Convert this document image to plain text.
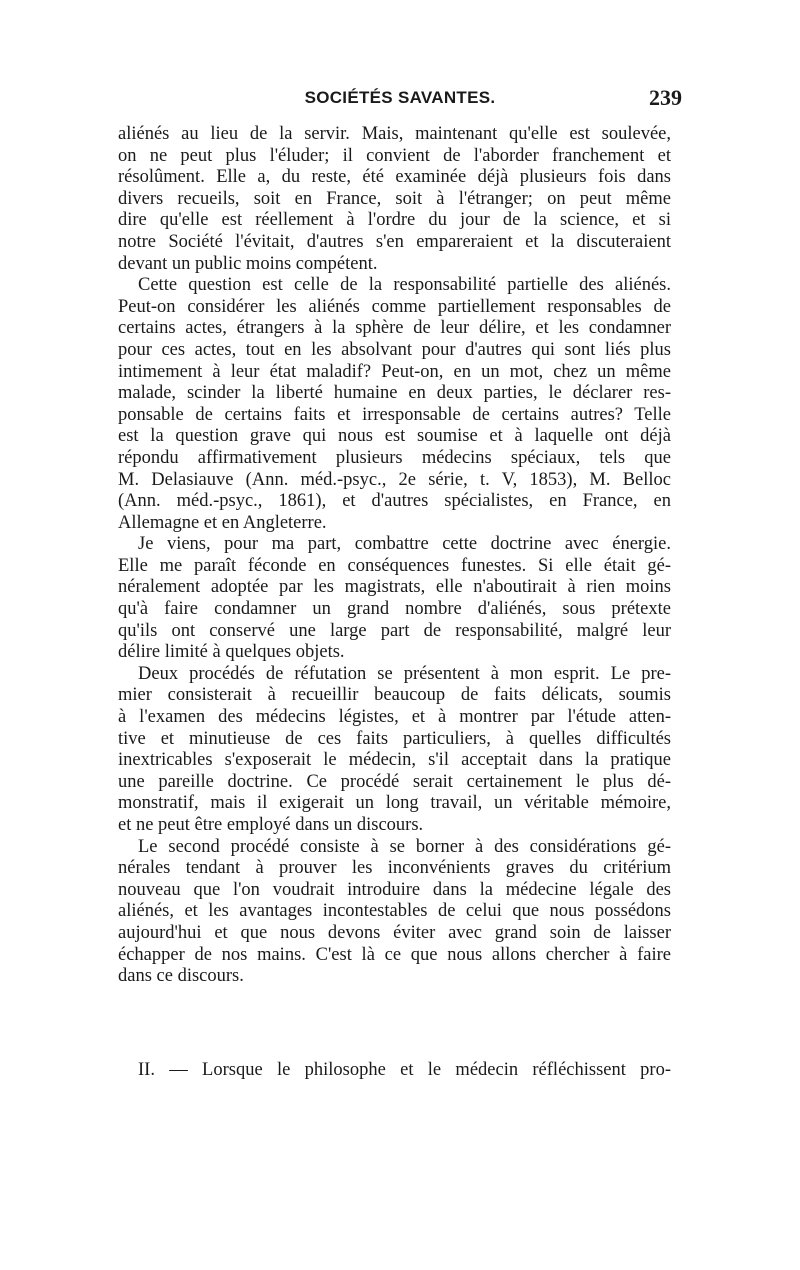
SOCIÉTÉS SAVANTES.	239

aliénés au lieu de la servir. Mais, maintenant qu'elle est soulevée,
on ne peut plus l'éluder; il convient de l'aborder franchement et
résolûment. Elle a, du reste, été examinée déjà plusieurs fois dans
divers recueils, soit en France, soit à l'étranger; on peut même
dire qu'elle est réellement à l'ordre du jour de la science, et si
notre Société l'évitait, d'autres s'en empareraient et la discuteraient
devant un public moins compétent.

Cette question est celle de la responsabilité partielle des aliénés.
Peut-on considérer les aliénés comme partiellement responsables de
certains actes, étrangers à la sphère de leur délire, et les condamner
pour ces actes, tout en les absolvant pour d'autres qui sont liés plus
intimement à leur état maladif? Peut-on, en un mot, chez un même
malade, scinder la liberté humaine en deux parties, le déclarer res-
ponsable de certains faits et irresponsable de certains autres? Telle
est la question grave qui nous est soumise et à laquelle ont déjà
répondu affirmativement plusieurs médecins spéciaux, tels que
M. Delasiauve (Ann. méd.-psyc., 2e série, t. V, 1853), M. Belloc
(Ann. méd.-psyc., 1861), et d'autres spécialistes, en France, en
Allemagne et en Angleterre.

Je viens, pour ma part, combattre cette doctrine avec énergie.
Elle me paraît féconde en conséquences funestes. Si elle était gé-
néralement adoptée par les magistrats, elle n'aboutirait à rien moins
qu'à faire condamner un grand nombre d'aliénés, sous prétexte
qu'ils ont conservé une large part de responsabilité, malgré leur
délire limité à quelques objets.

Deux procédés de réfutation se présentent à mon esprit. Le pre-
mier consisterait à recueillir beaucoup de faits délicats, soumis
à l'examen des médecins légistes, et à montrer par l'étude atten-
tive et minutieuse de ces faits particuliers, à quelles difficultés
inextricables s'exposerait le médecin, s'il acceptait dans la pratique
une pareille doctrine. Ce procédé serait certainement le plus dé-
monstratif, mais il exigerait un long travail, un véritable mémoire,
et ne peut être employé dans un discours.

Le second procédé consiste à se borner à des considérations gé-
nérales tendant à prouver les inconvénients graves du critérium
nouveau que l'on voudrait introduire dans la médecine légale des
aliénés, et les avantages incontestables de celui que nous possédons
aujourd'hui et que nous devons éviter avec grand soin de laisser
échapper de nos mains. C'est là ce que nous allons chercher à faire
dans ce discours.

II. — Lorsque le philosophe et le médecin réfléchissent pro-
